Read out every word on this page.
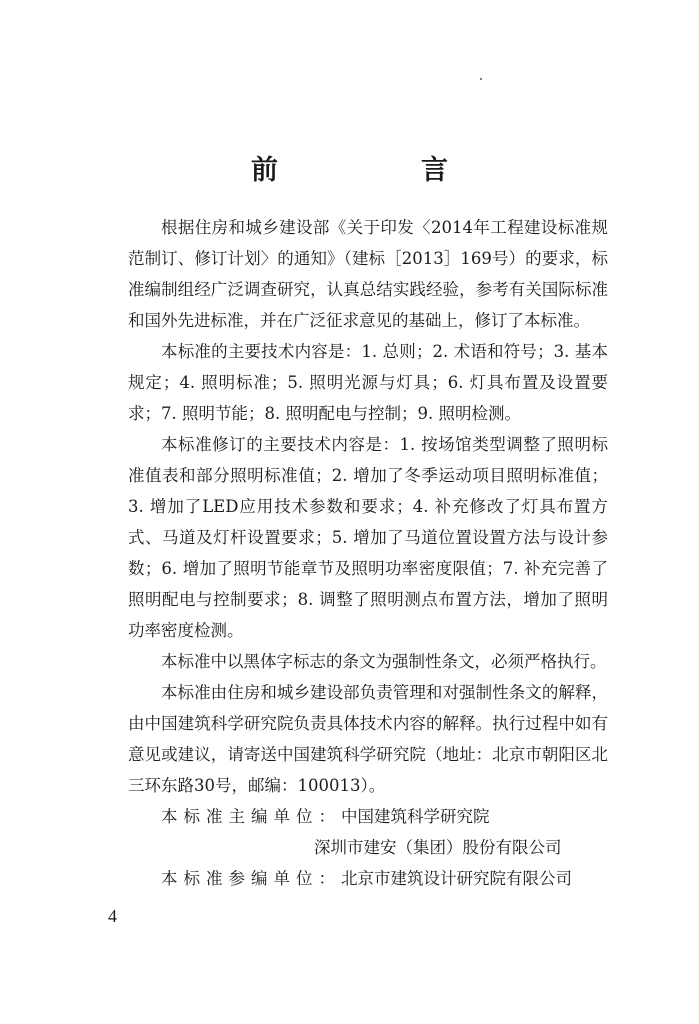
前　言

根据住房和城乡建设部《关于印发〈2014年工程建设标准规范制订、修订计划〉的通知》（建标［2013］169号）的要求，标准编制组经广泛调查研究，认真总结实践经验，参考有关国际标准和国外先进标准，并在广泛征求意见的基础上，修订了本标准。

本标准的主要技术内容是：1. 总则；2. 术语和符号；3. 基本规定；4. 照明标准；5. 照明光源与灯具；6. 灯具布置及设置要求；7. 照明节能；8. 照明配电与控制；9. 照明检测。

本标准修订的主要技术内容是：1. 按场馆类型调整了照明标准值表和部分照明标准值；2. 增加了冬季运动项目照明标准值；3. 增加了LED应用技术参数和要求；4. 补充修改了灯具布置方式、马道及灯杆设置要求；5. 增加了马道位置设置方法与设计参数；6. 增加了照明节能章节及照明功率密度限值；7. 补充完善了照明配电与控制要求；8. 调整了照明测点布置方法，增加了照明功率密度检测。

本标准中以黑体字标志的条文为强制性条文，必须严格执行。

本标准由住房和城乡建设部负责管理和对强制性条文的解释，由中国建筑科学研究院负责具体技术内容的解释。执行过程中如有意见或建议，请寄送中国建筑科学研究院（地址：北京市朝阳区北三环东路30号，邮编：100013）。

本标准主编单位：中国建筑科学研究院
深圳市建安（集团）股份有限公司
本标准参编单位：北京市建筑设计研究院有限公司
4
